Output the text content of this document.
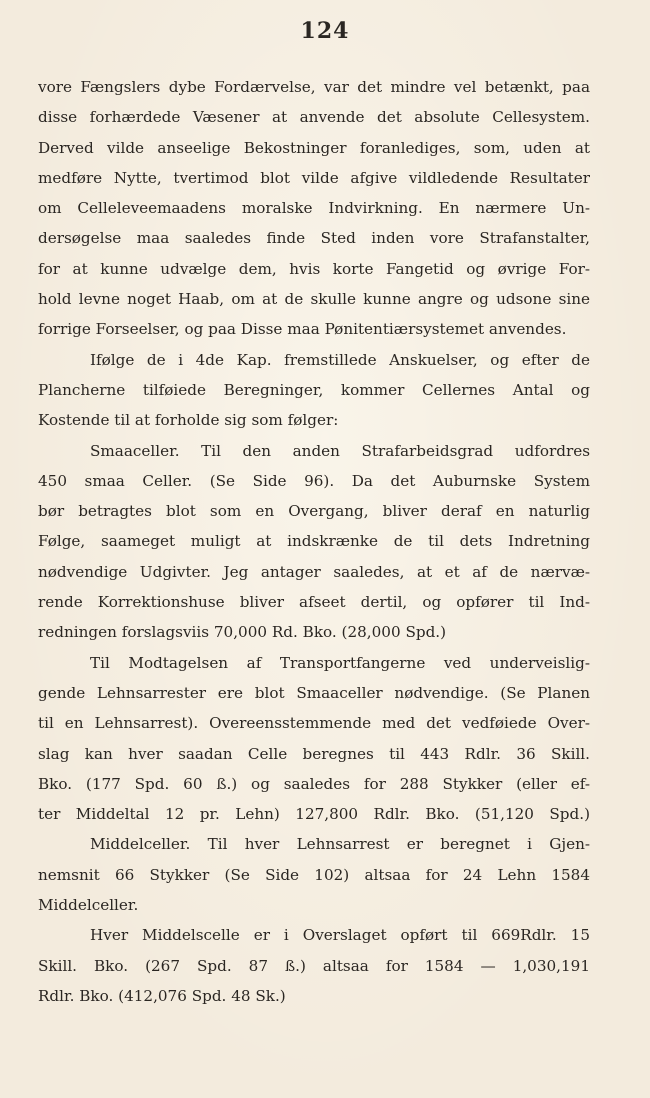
124
vore Fængslers dybe Fordærvelse, var det mindre vel betænkt, paa
disse forhærdede Væsener at anvende det absolute Cellesystem.
Derved vilde anseelige Bekostninger foranlediges, som, uden at
medføre Nytte, tvertimod blot vilde afgive vildledende Resultater
om Celleleveemaadens moralske Indvirkning. En nærmere Un-
dersøgelse maa saaledes finde Sted inden vore Strafanstalter,
for at kunne udvælge dem, hvis korte Fangetid og øvrige For-
hold levne noget Haab, om at de skulle kunne angre og udsone sine
forrige Forseelser, og paa Disse maa Pønitentiærsystemet anvendes.
Ifølge de i 4de Kap. fremstillede Anskuelser, og efter de
Plancherne tilføiede Beregninger, kommer Cellernes Antal og
Kostende til at forholde sig som følger:
Smaaceller. Til den anden Strafarbeidsgrad udfordres
450 smaa Celler. (Se Side 96). Da det Auburnske System
bør betragtes blot som en Overgang, bliver deraf en naturlig
Følge, saameget muligt at indskrænke de til dets Indretning
nødvendige Udgivter. Jeg antager saaledes, at et af de nærvæ-
rende Korrektionshuse bliver afseet dertil, og opfører til Ind-
redningen forslagsviis 70,000 Rd. Bko. (28,000 Spd.)
Til Modtagelsen af Transportfangerne ved underveislig-
gende Lehnsarrester ere blot Smaaceller nødvendige. (Se Planen
til en Lehnsarrest). Overeensstemmende med det vedføiede Over-
slag kan hver saadan Celle beregnes til 443 Rdlr. 36 Skill.
Bko. (177 Spd. 60 ß.) og saaledes for 288 Stykker (eller ef-
ter Middeltal 12 pr. Lehn) 127,800 Rdlr. Bko. (51,120 Spd.)
Middelceller. Til hver Lehnsarrest er beregnet i Gjen-
nemsnit 66 Stykker (Se Side 102) altsaa for 24 Lehn 1584
Middelceller.
Hver Middelscelle er i Overslaget opført til 669Rdlr. 15
Skill. Bko. (267 Spd. 87 ß.) altsaa for 1584 — 1,030,191
Rdlr. Bko. (412,076 Spd. 48 Sk.)
